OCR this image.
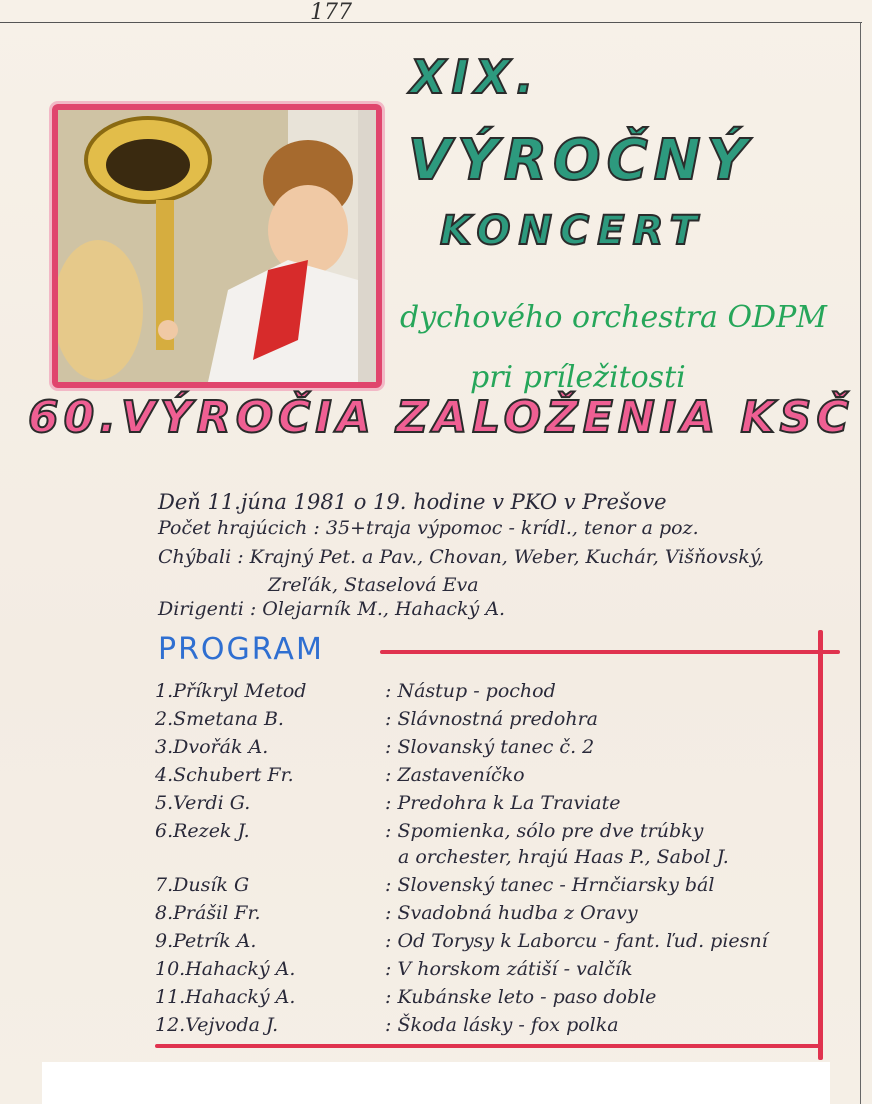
177
XIX.
VÝROČNÝ
KONCERT
dychového orchestra ODPM
pri príležitosti
60.VÝROČIA ZALOŽENIA KSČ
Deň 11.júna 1981 o 19. hodine v PKO v Prešove
Počet hrajúcich : 35+traja výpomoc - krídl., tenor a poz.
Chýbali : Krajný Pet. a Pav., Chovan, Weber, Kuchár, Višňovský,
Zreľák, Staselová Eva
Dirigenti : Olejarník M., Hahacký A.
PROGRAM
1.Příkryl Metod	: Nástup - pochod
2.Smetana B.	: Slávnostná predohra
3.Dvořák A.	: Slovanský tanec č. 2
4.Schubert Fr.	: Zastaveníčko
5.Verdi G.	: Predohra k La Traviate
6.Rezek J.	: Spomienka, sólo pre dve trúbky
a orchester, hrajú Haas P., Sabol J.
7.Dusík G	: Slovenský tanec - Hrnčiarsky bál
8.Prášil Fr.	: Svadobná hudba z Oravy
9.Petrík A.	: Od Torysy k Laborcu - fant. ľud. piesní
10.Hahacký A.	: V horskom zátiší - valčík
11.Hahacký A.	: Kubánske leto - paso doble
12.Vejvoda J.	: Škoda lásky - fox polka
